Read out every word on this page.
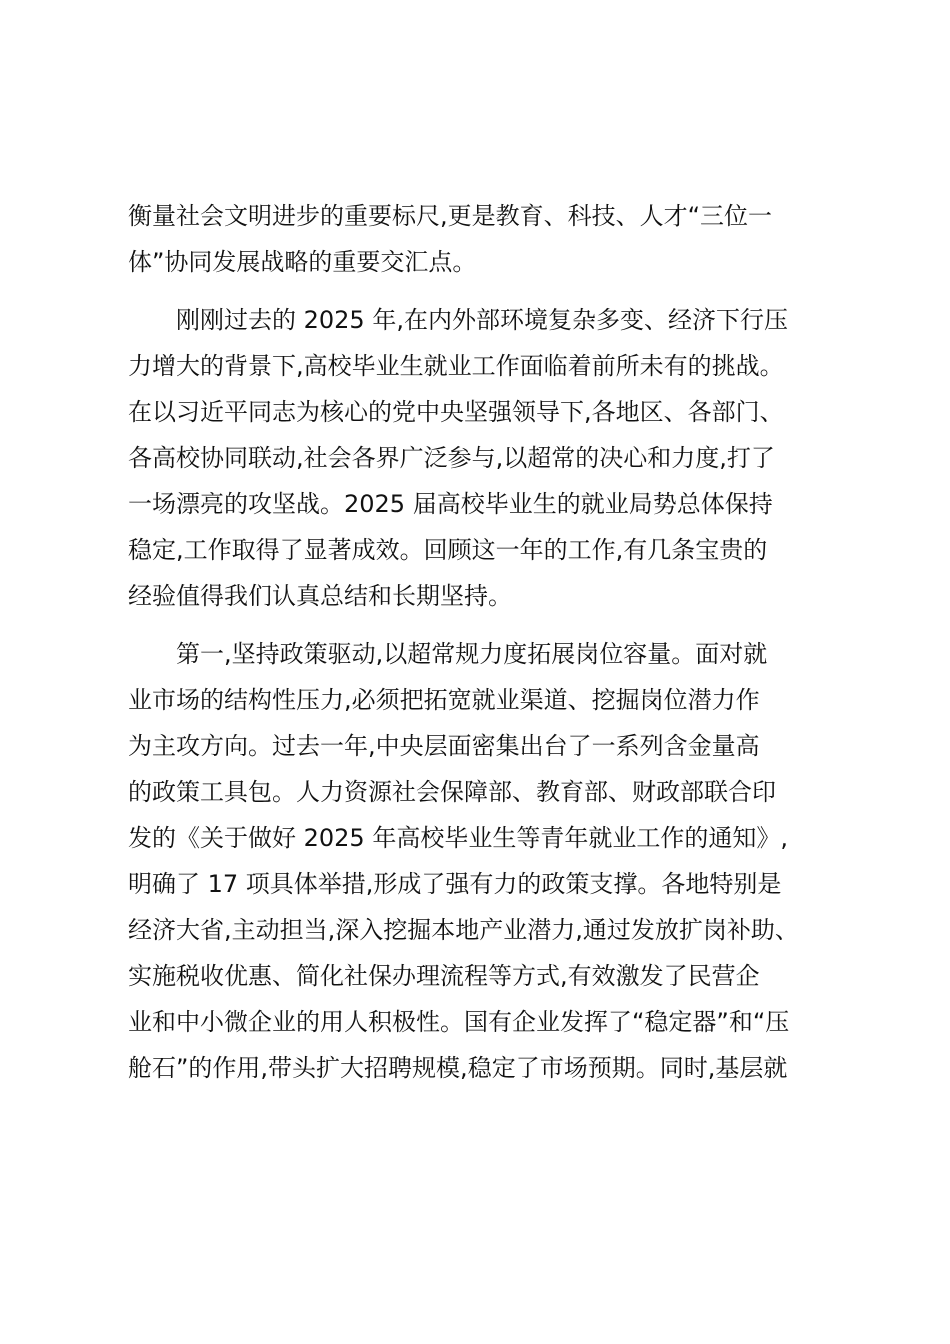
衡量社会文明进步的重要标尺,更是教育、科技、人才“三位一
体”协同发展战略的重要交汇点。
　　刚刚过去的 2025 年,在内外部环境复杂多变、经济下行压
力增大的背景下,高校毕业生就业工作面临着前所未有的挑战。
在以习近平同志为核心的党中央坚强领导下,各地区、各部门、
各高校协同联动,社会各界广泛参与,以超常的决心和力度,打了
一场漂亮的攻坚战。2025 届高校毕业生的就业局势总体保持
稳定,工作取得了显著成效。回顾这一年的工作,有几条宝贵的
经验值得我们认真总结和长期坚持。
　　第一,坚持政策驱动,以超常规力度拓展岗位容量。面对就
业市场的结构性压力,必须把拓宽就业渠道、挖掘岗位潜力作
为主攻方向。过去一年,中央层面密集出台了一系列含金量高
的政策工具包。人力资源社会保障部、教育部、财政部联合印
发的《关于做好 2025 年高校毕业生等青年就业工作的通知》,
明确了 17 项具体举措,形成了强有力的政策支撑。各地特别是
经济大省,主动担当,深入挖掘本地产业潜力,通过发放扩岗补助、
实施税收优惠、简化社保办理流程等方式,有效激发了民营企
业和中小微企业的用人积极性。国有企业发挥了“稳定器”和“压
舱石”的作用,带头扩大招聘规模,稳定了市场预期。同时,基层就
